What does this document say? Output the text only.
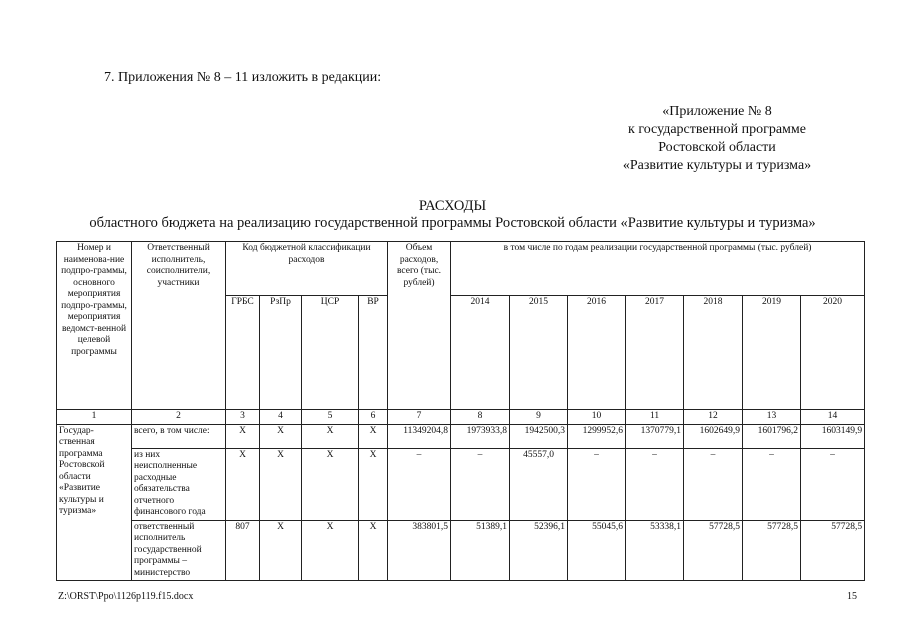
7. Приложения № 8 – 11 изложить в редакции:
«Приложение № 8
к государственной программе
Ростовской области
«Развитие культуры и туризма»
РАСХОДЫ
областного бюджета на реализацию государственной программы Ростовской области «Развитие культуры и туризма»
Номер и наименова-ние подпро-граммы, основного мероприятия подпро-граммы, мероприятия ведомст-венной целевой программы	Ответственный исполнитель, соисполнители, участники	Код бюджетной классификации расходов				Объем расходов, всего (тыс. рублей)	в том числе по годам реализации государственной программы (тыс. рублей)						
		ГРБС	РзПр	ЦСР	ВР		2014	2015	2016	2017	2018	2019	2020
1	2	3	4	5	6	7	8	9	10	11	12	13	14
Государ-ственная программа Ростовской области «Развитие культуры и туризма»	всего, в том числе:	Х	Х	Х	Х	11349204,8	1973933,8	1942500,3	1299952,6	1370779,1	1602649,9	1601796,2	1603149,9
	из них неисполненные расходные обязательства отчетного финансового года	Х	Х	Х	Х	–	–	45557,0	–	–	–	–	–
	ответственный исполнитель государственной программы – министерство	807	Х	Х	Х	383801,5	51389,1	52396,1	55045,6	53338,1	57728,5	57728,5	57728,5
Z:\ORST\Ppo\1126p119.f15.docx	15
